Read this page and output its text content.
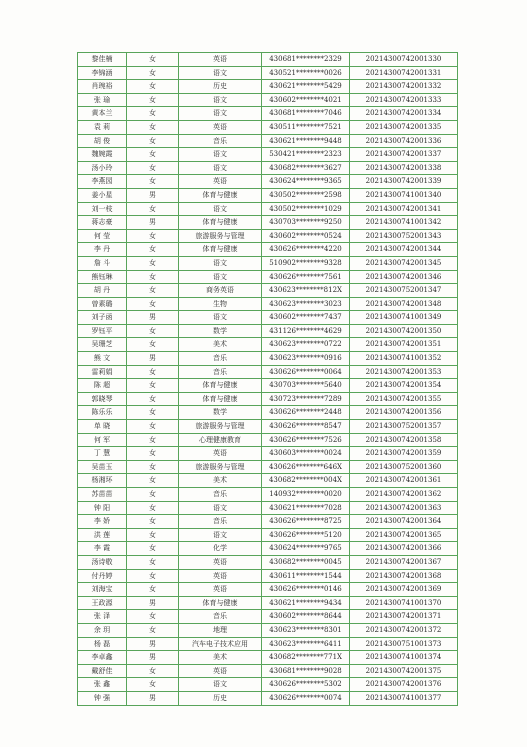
黎佳楠	女	英语	430681********2329	20214300742001330
李锦涵	女	语文	430521********0026	20214300742001331
肖琬裕	女	历史	430621********5429	20214300742001332
张 瑜	女	语文	430602********4021	20214300742001333
黄本兰	女	语文	430681********7046	20214300742001334
袁 莉	女	英语	430511********7521	20214300742001335
胡 俊	女	音乐	430621********9448	20214300742001336
魏婉霞	女	语文	530421********2323	20214300742001337
汤小玲	女	语文	430682********3627	20214300742001338
李燕园	女	英语	430624********9365	20214300742001339
姜小星	男	体育与健康	430502********2598	20214300741001340
刘一枝	女	语文	430502********1029	20214300742001341
蒋志豪	男	体育与健康	430703********9250	20214300741001342
何 莹	女	旅游服务与管理	430602********0524	20214300752001343
李 丹	女	体育与健康	430626********4220	20214300742001344
詹 斗	女	语文	510902********9328	20214300742001345
熊钰琳	女	语文	430626********7561	20214300742001346
胡 丹	女	商务英语	430623********812X	20214300752001347
曾素璐	女	生物	430623********3023	20214300742001348
刘子函	男	语文	430602********7437	20214300741001349
罗钰平	女	数学	431126********4629	20214300742001350
吴珊芝	女	美术	430623********0722	20214300742001351
熊 文	男	音乐	430623********0916	20214300741001352
雷莉娟	女	音乐	430626********0064	20214300742001353
陈 超	女	体育与健康	430703********5640	20214300742001354
郭晓琴	女	体育与健康	430723********7289	20214300742001355
陈乐乐	女	数学	430626********2448	20214300742001356
单 晓	女	旅游服务与管理	430626********8547	20214300752001357
何 军	女	心理健康教育	430626********7526	20214300742001358
丁 慧	女	英语	430603********0024	20214300742001359
吴苗玉	女	旅游服务与管理	430626********646X	20214300752001360
杨湘环	女	美术	430682********004X	20214300742001361
苏苗苗	女	音乐	140932********0020	20214300742001362
钟 阳	女	语文	430621********7028	20214300742001363
李 娇	女	音乐	430626********8725	20214300742001364
洪 莲	女	语文	430626********5120	20214300742001365
李 霞	女	化学	430624********9765	20214300742001366
汤诗敬	女	英语	430682********0045	20214300742001367
付丹婷	女	英语	430611********1544	20214300742001368
刘海宝	女	英语	430626********0146	20214300742001369
王政源	男	体育与健康	430621********9434	20214300741001370
张 泽	女	音乐	430602********8644	20214300742001371
余 玥	女	地理	430623********8301	20214300742001372
杨 磊	男	汽车电子技术应用	430623********6411	20214300751001373
李卓鑫	男	美术	430682********771X	20214300741001374
戴舒佳	女	英语	430681********9028	20214300742001375
张 鑫	女	语文	430626********5302	20214300742001376
钟 强	男	历史	430626********0074	20214300741001377
